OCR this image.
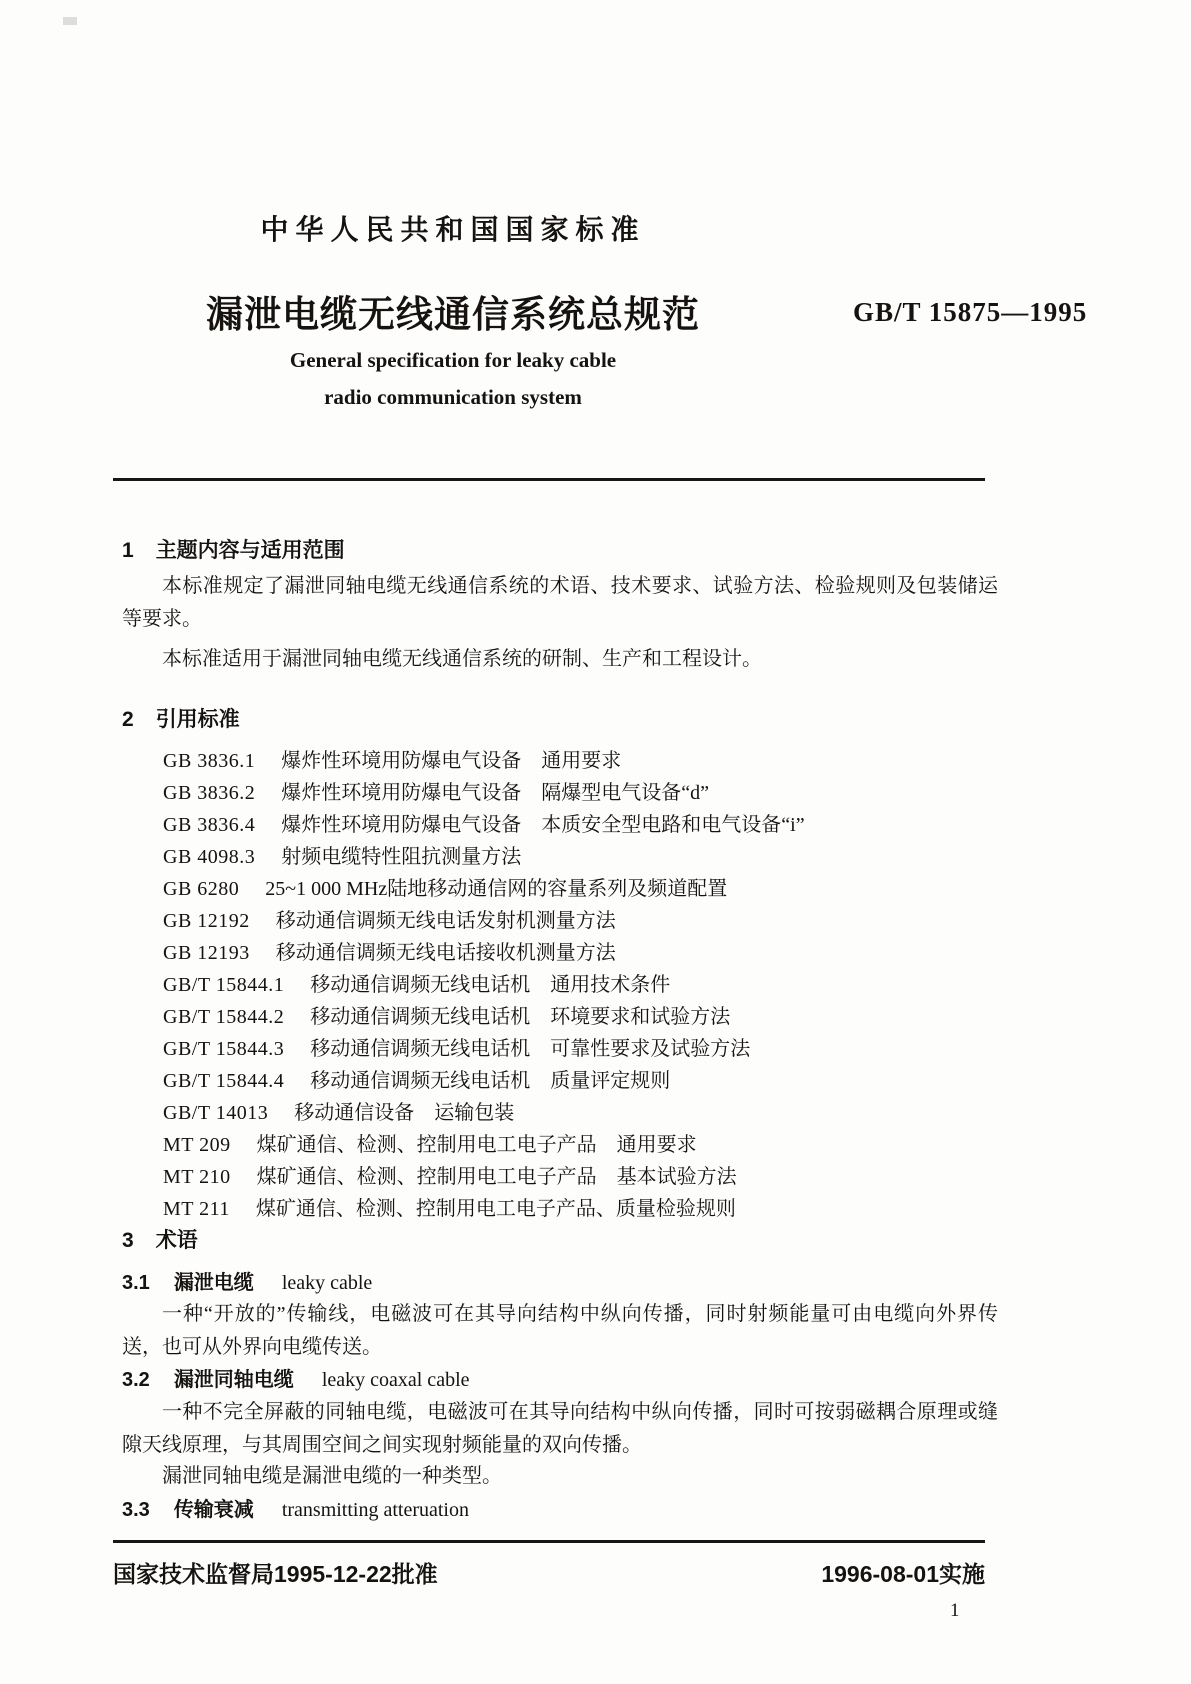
中华人民共和国国家标准
漏泄电缆无线通信系统总规范
General specification for leaky cable
radio communication system
GB/T 15875—1995
1 主题内容与适用范围
本标准规定了漏泄同轴电缆无线通信系统的术语、技术要求、试验方法、检验规则及包装储运等要求。
本标准适用于漏泄同轴电缆无线通信系统的研制、生产和工程设计。
2 引用标准
GB 3836.1 爆炸性环境用防爆电气设备　通用要求
GB 3836.2 爆炸性环境用防爆电气设备　隔爆型电气设备“d”
GB 3836.4 爆炸性环境用防爆电气设备　本质安全型电路和电气设备“i”
GB 4098.3 射频电缆特性阻抗测量方法
GB 6280 25~1 000 MHz陆地移动通信网的容量系列及频道配置
GB 12192 移动通信调频无线电话发射机测量方法
GB 12193 移动通信调频无线电话接收机测量方法
GB/T 15844.1 移动通信调频无线电话机　通用技术条件
GB/T 15844.2 移动通信调频无线电话机　环境要求和试验方法
GB/T 15844.3 移动通信调频无线电话机　可靠性要求及试验方法
GB/T 15844.4 移动通信调频无线电话机　质量评定规则
GB/T 14013 移动通信设备　运输包装
MT 209 煤矿通信、检测、控制用电工电子产品　通用要求
MT 210 煤矿通信、检测、控制用电工电子产品　基本试验方法
MT 211 煤矿通信、检测、控制用电工电子产品、质量检验规则
3 术语
3.1 漏泄电缆 leaky cable
一种“开放的”传输线，电磁波可在其导向结构中纵向传播，同时射频能量可由电缆向外界传送，也可从外界向电缆传送。
3.2 漏泄同轴电缆 leaky coaxal cable
一种不完全屏蔽的同轴电缆，电磁波可在其导向结构中纵向传播，同时可按弱磁耦合原理或缝隙天线原理，与其周围空间之间实现射频能量的双向传播。
漏泄同轴电缆是漏泄电缆的一种类型。
3.3 传输衰减 transmitting atteruation
国家技术监督局1995-12-22批准	1996-08-01实施
1
